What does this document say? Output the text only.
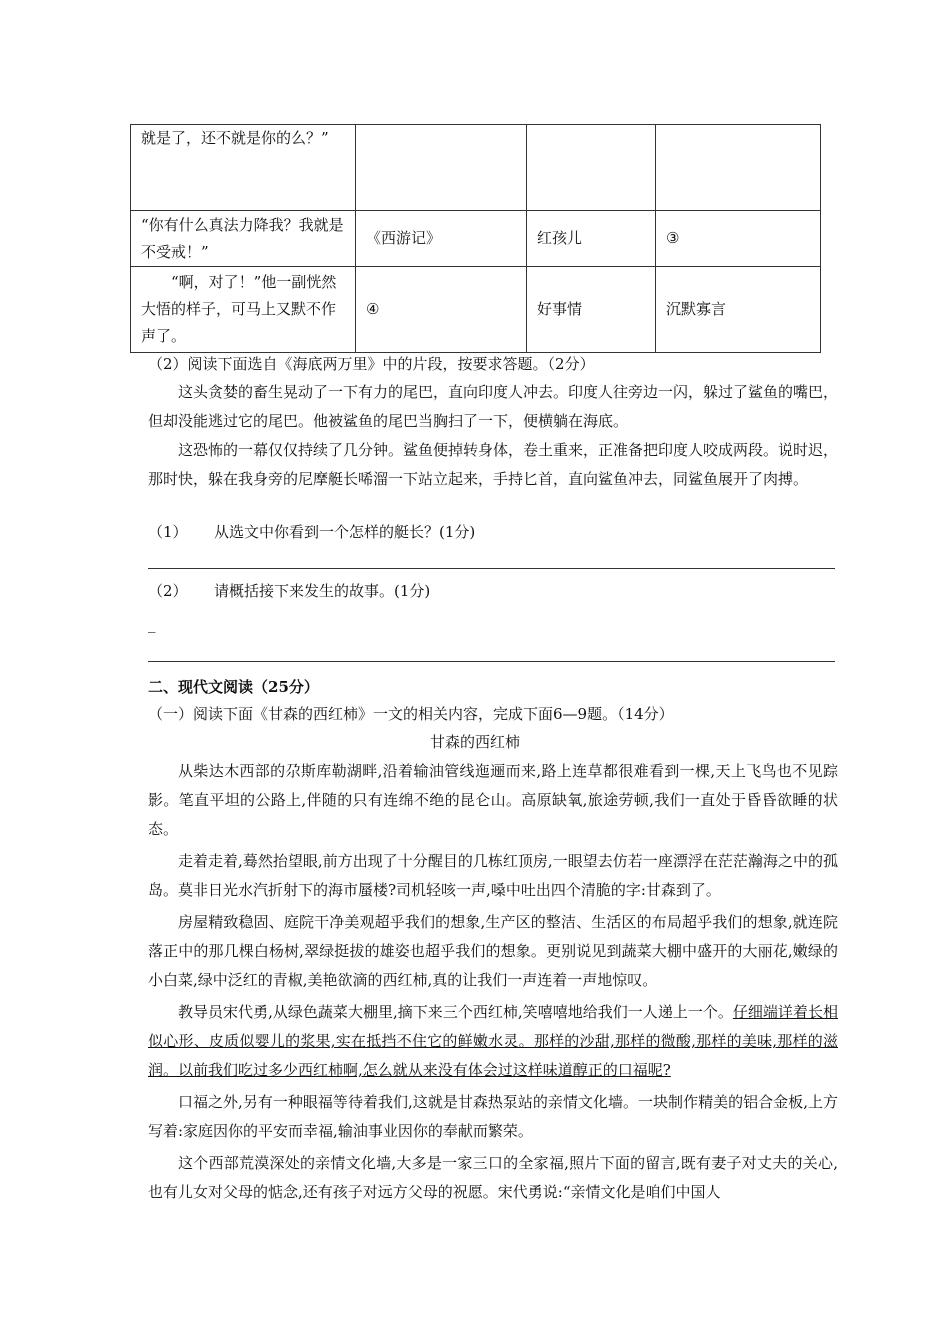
就是了，还不就是你的么？”			
“你有什么真法力降我？我就是不受戒！”	《西游记》	红孩儿	③
“啊，对了！”他一副恍然大悟的样子，可马上又默不作声了。	④	好事情	沉默寡言
（2）阅读下面选自《海底两万里》中的片段，按要求答题。（2分）

这头贪婪的畜生晃动了一下有力的尾巴，直向印度人冲去。印度人往旁边一闪，躲过了鲨鱼的嘴巴，但却没能逃过它的尾巴。他被鲨鱼的尾巴当胸扫了一下，便横躺在海底。

这恐怖的一幕仅仅持续了几分钟。鲨鱼便掉转身体，卷土重来，正准备把印度人咬成两段。说时迟，那时快，躲在我身旁的尼摩艇长唏溜一下站立起来，手持匕首，直向鲨鱼冲去，同鲨鱼展开了肉搏。

（1） 从选文中你看到一个怎样的艇长？(1分)
（2） 请概括接下来发生的故事。(1分)
_
二、现代文阅读（25分）
（一）阅读下面《甘森的西红柿》一文的相关内容，完成下面6—9题。（14分）
甘森的西红柿

从柴达木西部的尕斯库勒湖畔,沿着输油管线迤逦而来,路上连草都很难看到一棵,天上飞鸟也不见踪影。笔直平坦的公路上,伴随的只有连绵不绝的昆仑山。高原缺氧,旅途劳顿,我们一直处于昏昏欲睡的状态。

走着走着,蓦然抬望眼,前方出现了十分醒目的几栋红顶房,一眼望去仿若一座漂浮在茫茫瀚海之中的孤岛。莫非日光水汽折射下的海市蜃楼?司机轻咳一声,嗓中吐出四个清脆的字:甘森到了。

房屋精致稳固、庭院干净美观超乎我们的想象,生产区的整洁、生活区的布局超乎我们的想象,就连院落正中的那几棵白杨树,翠绿挺拔的雄姿也超乎我们的想象。更别说见到蔬菜大棚中盛开的大丽花,嫩绿的小白菜,绿中泛红的青椒,美艳欲滴的西红柿,真的让我们一声连着一声地惊叹。

教导员宋代勇,从绿色蔬菜大棚里,摘下来三个西红柿,笑嘻嘻地给我们一人递上一个。仔细端详着长相似心形、皮质似婴儿的浆果,实在抵挡不住它的鲜嫩水灵。那样的沙甜,那样的微酸,那样的美味,那样的滋润。以前我们吃过多少西红柿啊,怎么就从来没有体会过这样味道醇正的口福呢?

口福之外,另有一种眼福等待着我们,这就是甘森热泵站的亲情文化墙。一块制作精美的铝合金板,上方写着:家庭因你的平安而幸福,输油事业因你的奉献而繁荣。

这个西部荒漠深处的亲情文化墙,大多是一家三口的全家福,照片下面的留言,既有妻子对丈夫的关心,也有儿女对父母的惦念,还有孩子对远方父母的祝愿。宋代勇说:“亲情文化是咱们中国人
